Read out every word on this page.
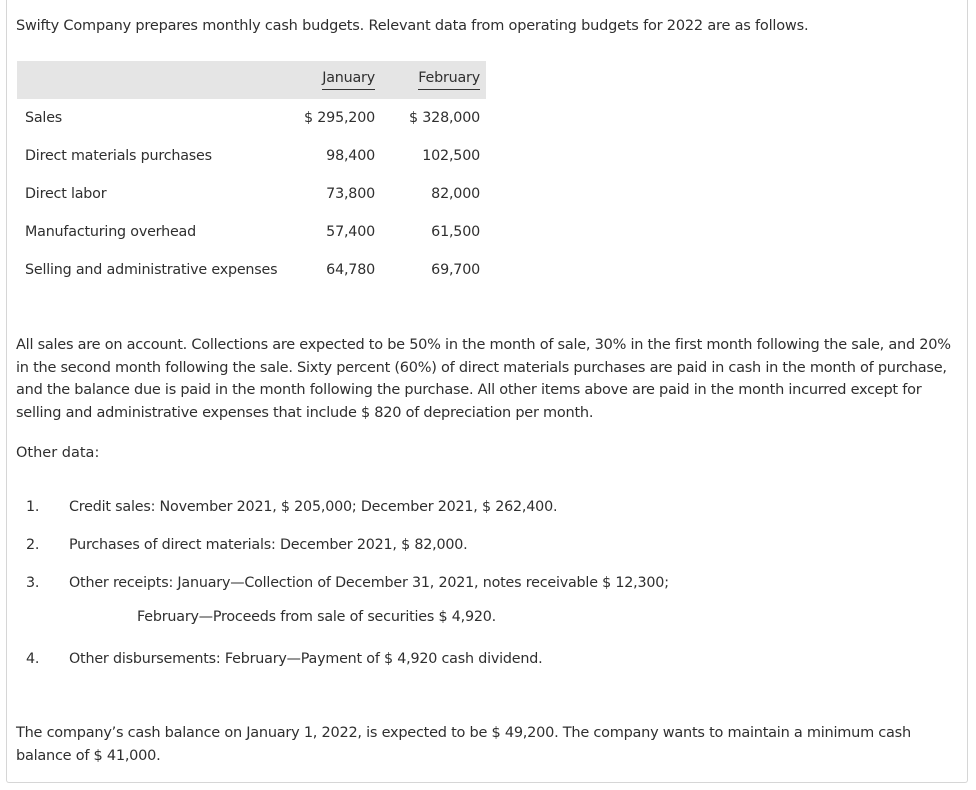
Swifty Company prepares monthly cash budgets. Relevant data from operating budgets for 2022 are as follows.

	January	February
Sales	$ 295,200	$ 328,000
Direct materials purchases	98,400	102,500
Direct labor	73,800	82,000
Manufacturing overhead	57,400	61,500
Selling and administrative expenses	64,780	69,700

All sales are on account. Collections are expected to be 50% in the month of sale, 30% in the first month following the sale, and 20% in the second month following the sale. Sixty percent (60%) of direct materials purchases are paid in cash in the month of purchase, and the balance due is paid in the month following the purchase. All other items above are paid in the month incurred except for selling and administrative expenses that include $ 820 of depreciation per month.

Other data:

1. Credit sales: November 2021, $ 205,000; December 2021, $ 262,400.
2. Purchases of direct materials: December 2021, $ 82,000.
3. Other receipts: January—Collection of December 31, 2021, notes receivable $ 12,300;
4. Other disbursements: February—Payment of $ 4,920 cash dividend.

February—Proceeds from sale of securities $ 4,920.

The company’s cash balance on January 1, 2022, is expected to be $ 49,200. The company wants to maintain a minimum cash balance of $ 41,000.
